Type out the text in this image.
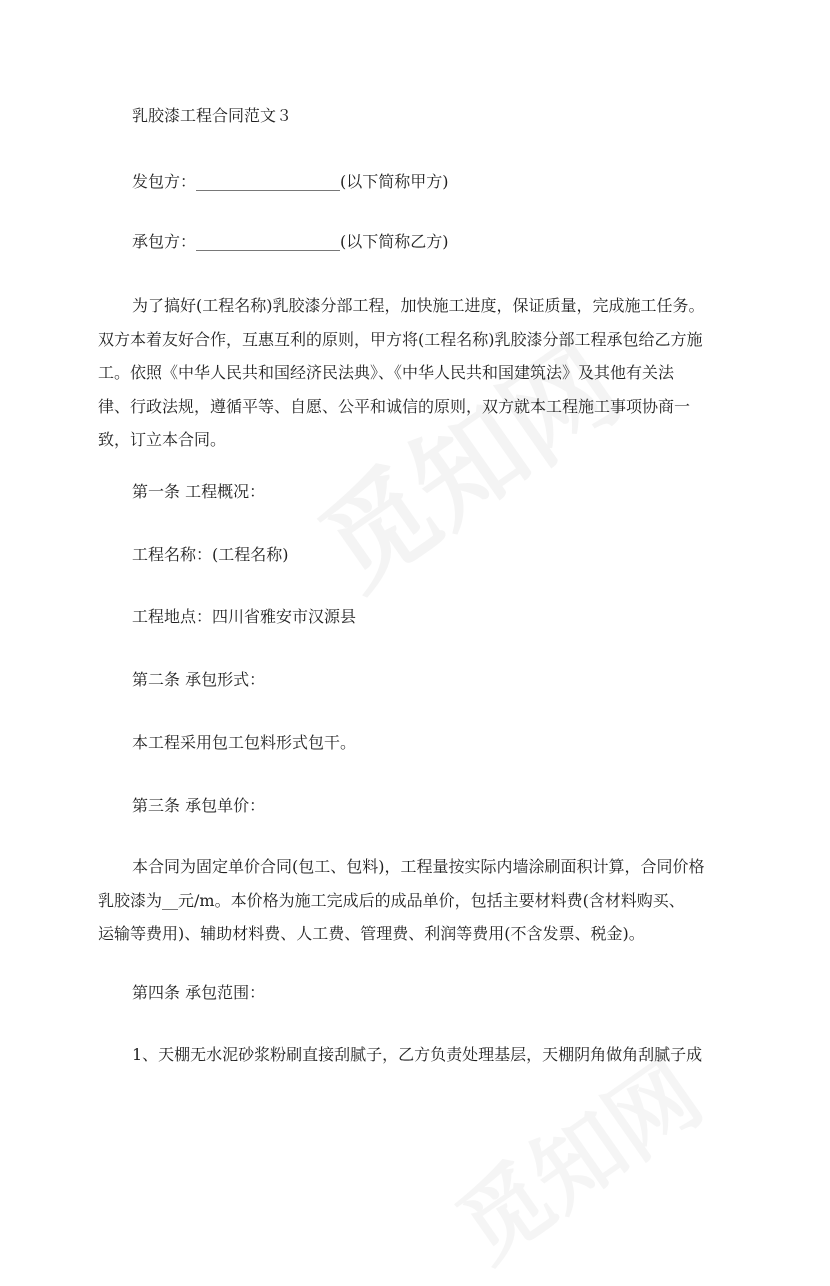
乳胶漆工程合同范文３
发包方：__________________(以下简称甲方)
承包方：__________________(以下简称乙方)
为了搞好(工程名称)乳胶漆分部工程，加快施工进度，保证质量，完成施工任务。
双方本着友好合作，互惠互利的原则，甲方将(工程名称)乳胶漆分部工程承包给乙方施
工。依照《中华人民共和国经济民法典》、《中华人民共和国建筑法》及其他有关法
律、行政法规，遵循平等、自愿、公平和诚信的原则，双方就本工程施工事项协商一
致，订立本合同。
第一条 工程概况：
工程名称：(工程名称)
工程地点：四川省雅安市汉源县
第二条 承包形式：
本工程采用包工包料形式包干。
第三条 承包单价：
本合同为固定单价合同(包工、包料)，工程量按实际内墙涂刷面积计算，合同价格
乳胶漆为__元/m。本价格为施工完成后的成品单价，包括主要材料费(含材料购买、
运输等费用)、辅助材料费、人工费、管理费、利润等费用(不含发票、税金)。
第四条 承包范围：
1、天棚无水泥砂浆粉刷直接刮腻子，乙方负责处理基层，天棚阴角做角刮腻子成
